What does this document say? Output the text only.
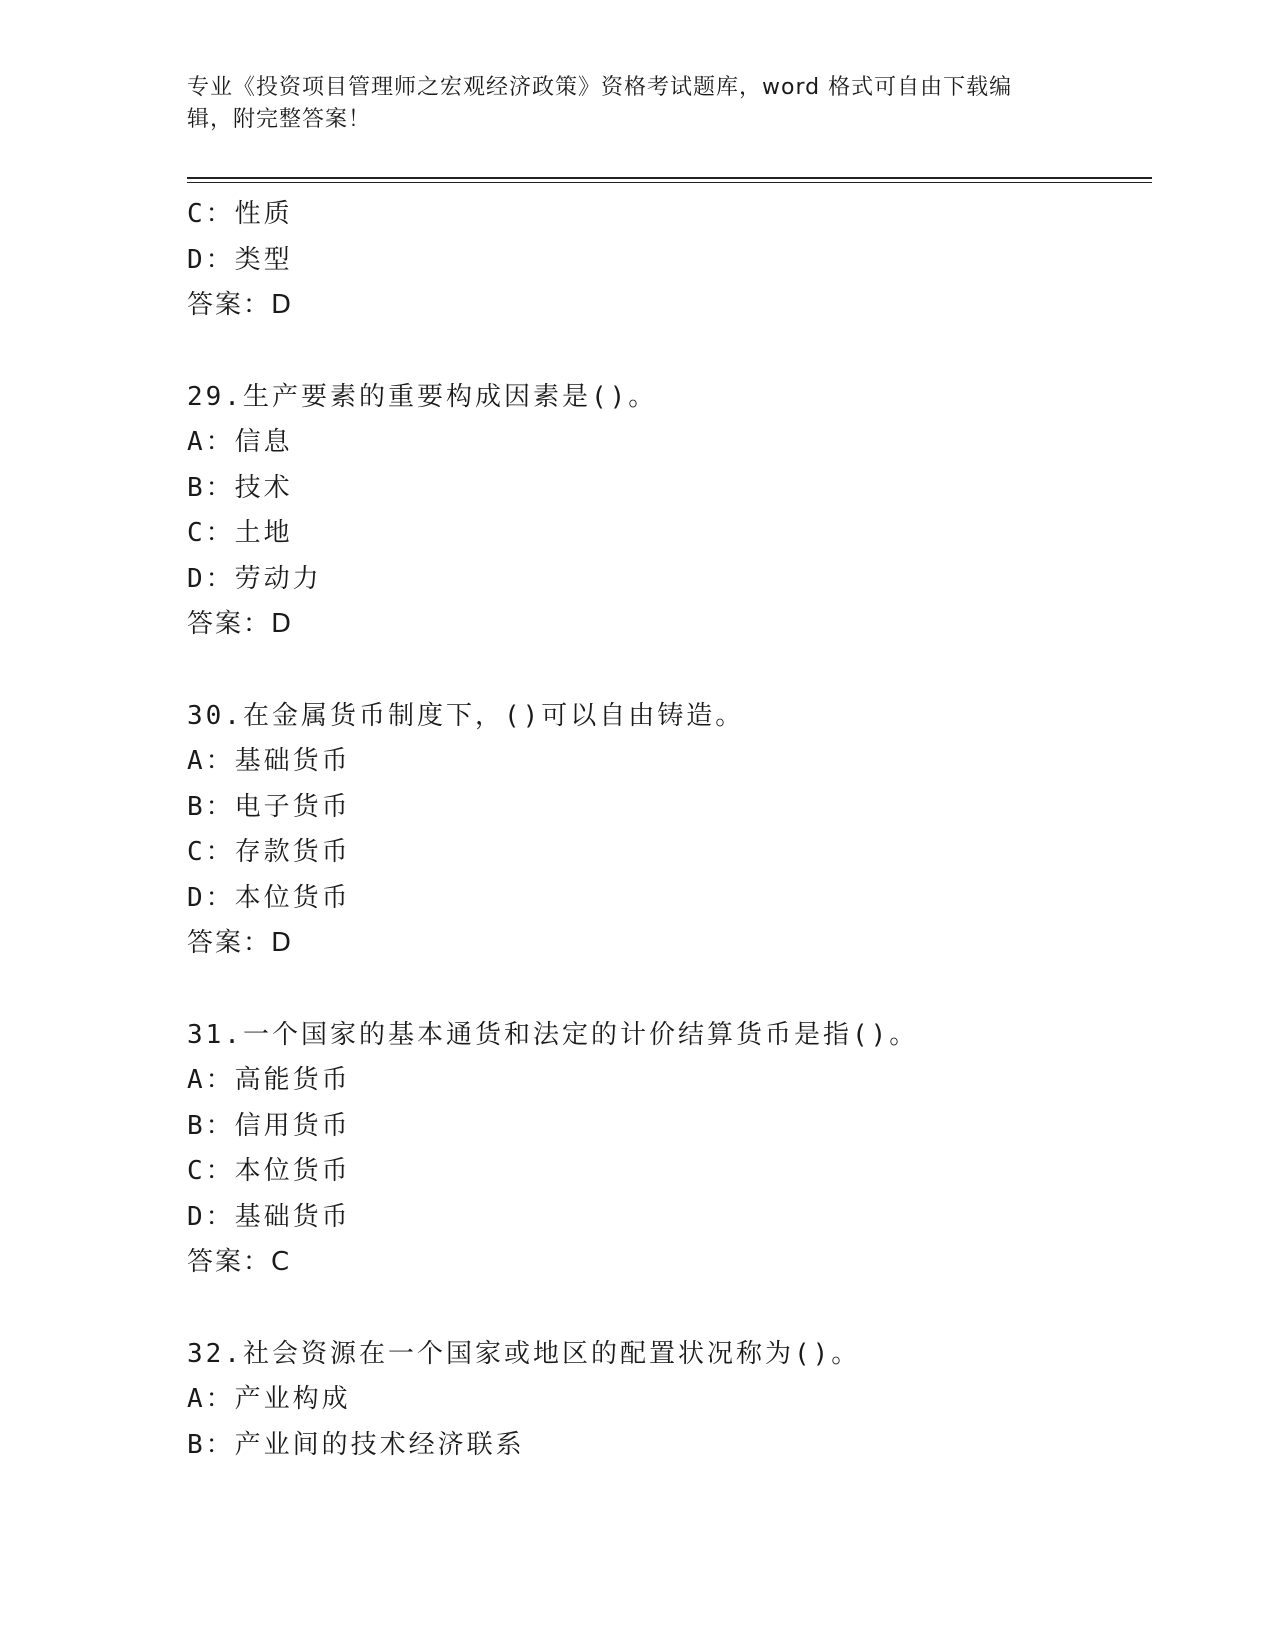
专业《投资项目管理师之宏观经济政策》资格考试题库，word 格式可自由下载编
辑，附完整答案！
C：性质
D：类型
答案：D
29.生产要素的重要构成因素是()。
A：信息
B：技术
C：土地
D：劳动力
答案：D
30.在金属货币制度下，()可以自由铸造。
A：基础货币
B：电子货币
C：存款货币
D：本位货币
答案：D
31.一个国家的基本通货和法定的计价结算货币是指()。
A：高能货币
B：信用货币
C：本位货币
D：基础货币
答案：C
32.社会资源在一个国家或地区的配置状况称为()。
A：产业构成
B：产业间的技术经济联系
